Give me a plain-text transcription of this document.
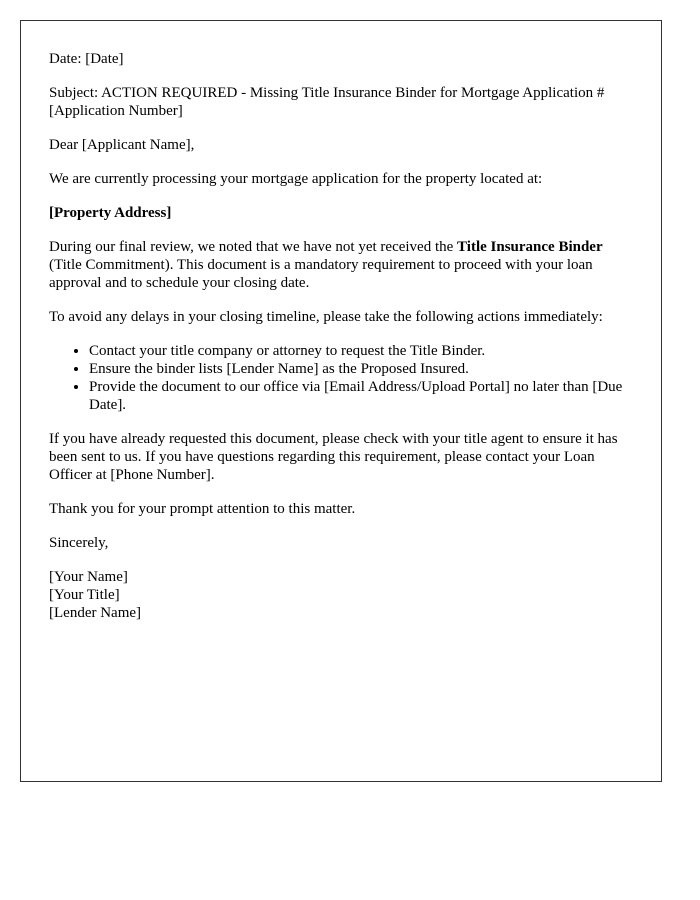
Date: [Date]

Subject: ACTION REQUIRED - Missing Title Insurance Binder for Mortgage Application #[Application Number]

Dear [Applicant Name],

We are currently processing your mortgage application for the property located at:

[Property Address]

During our final review, we noted that we have not yet received the Title Insurance Binder (Title Commitment). This document is a mandatory requirement to proceed with your loan approval and to schedule your closing date.

To avoid any delays in your closing timeline, please take the following actions immediately:

• Contact your title company or attorney to request the Title Binder.
• Ensure the binder lists [Lender Name] as the Proposed Insured.
• Provide the document to our office via [Email Address/Upload Portal] no later than [Due Date].

If you have already requested this document, please check with your title agent to ensure it has been sent to us. If you have questions regarding this requirement, please contact your Loan Officer at [Phone Number].

Thank you for your prompt attention to this matter.

Sincerely,

[Your Name]
[Your Title]
[Lender Name]
